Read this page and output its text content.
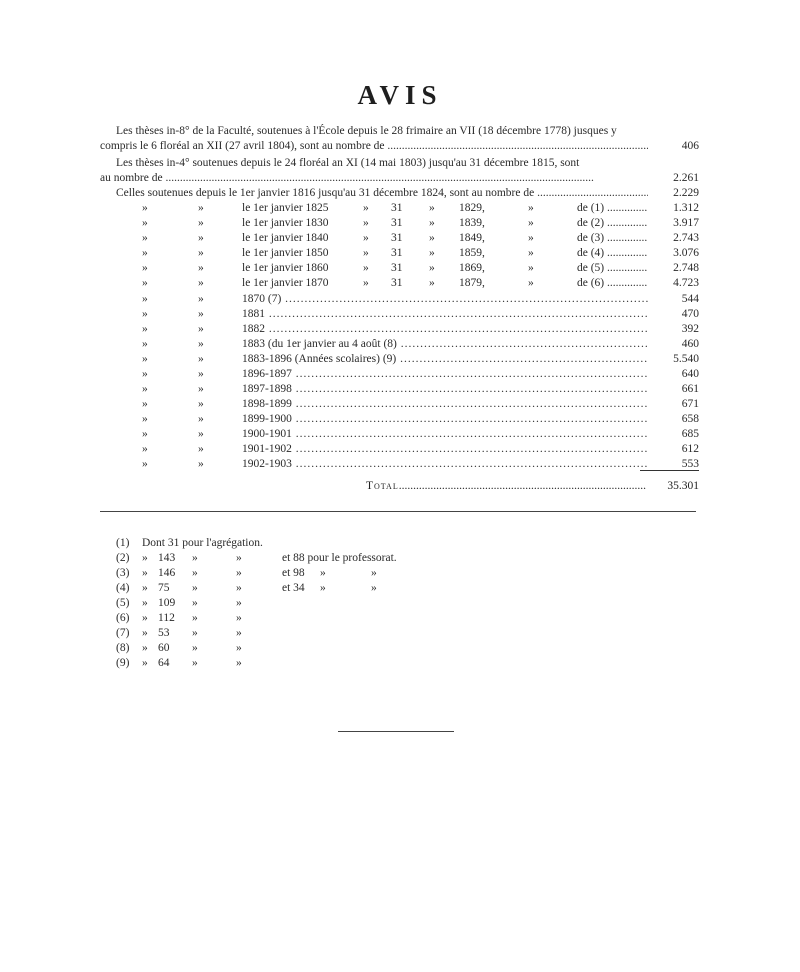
AVIS
Les thèses in-8° de la Faculté, soutenues à l'École depuis le 28 frimaire an VII (18 décembre 1778) jusques y
compris le 6 floréal an XII (27 avril 1804), sont au nombre de .....	406
Les thèses in-4° soutenues depuis le 24 floréal an XI (14 mai 1803) jusqu'au 31 décembre 1815, sont
au nombre de .....	2.261
Celles soutenues depuis le 1er janvier 1816 jusqu'au 31 décembre 1824, sont au nombre de .....	2.229
»	»	le 1er janvier 1825	» 31 » 1829,	»	de (1) .....	1.312
»	»	le 1er janvier 1830	» 31 » 1839,	»	de (2) .....	3.917
»	»	le 1er janvier 1840	» 31 » 1849,	»	de (3) .....	2.743
»	»	le 1er janvier 1850	» 31 » 1859,	»	de (4) .....	3.076
»	»	le 1er janvier 1860	» 31 » 1869,	»	de (5) .....	2.748
»	»	le 1er janvier 1870	» 31 » 1879,	»	de (6) .....	4.723
»	»	1870 (7) .....	544
»	»	1881 .....	470
»	»	1882 .....	392
»	»	1883 (du 1er janvier au 4 août (8) .....	460
»	»	1883-1896 (Années scolaires) (9) .....	5.540
»	»	1896-1897 .....	640
»	»	1897-1898 .....	661
»	»	1898-1899 .....	671
»	»	1899-1900 .....	658
»	»	1900-1901 .....	685
»	»	1901-1902 .....	612
»	»	1902-1903 .....	553
Total .....	35.301
(1) Dont 31 pour l'agrégation.
(2) » 143 »	»	et 88 pour le professorat.
(3) » 146 »	»	et 98 »	»
(4) » 75 »	»	et 34 »	»
(5) » 109 »	»
(6) » 112 »	»
(7) » 53 »	»
(8) » 60 »	»
(9) » 64 »	»
